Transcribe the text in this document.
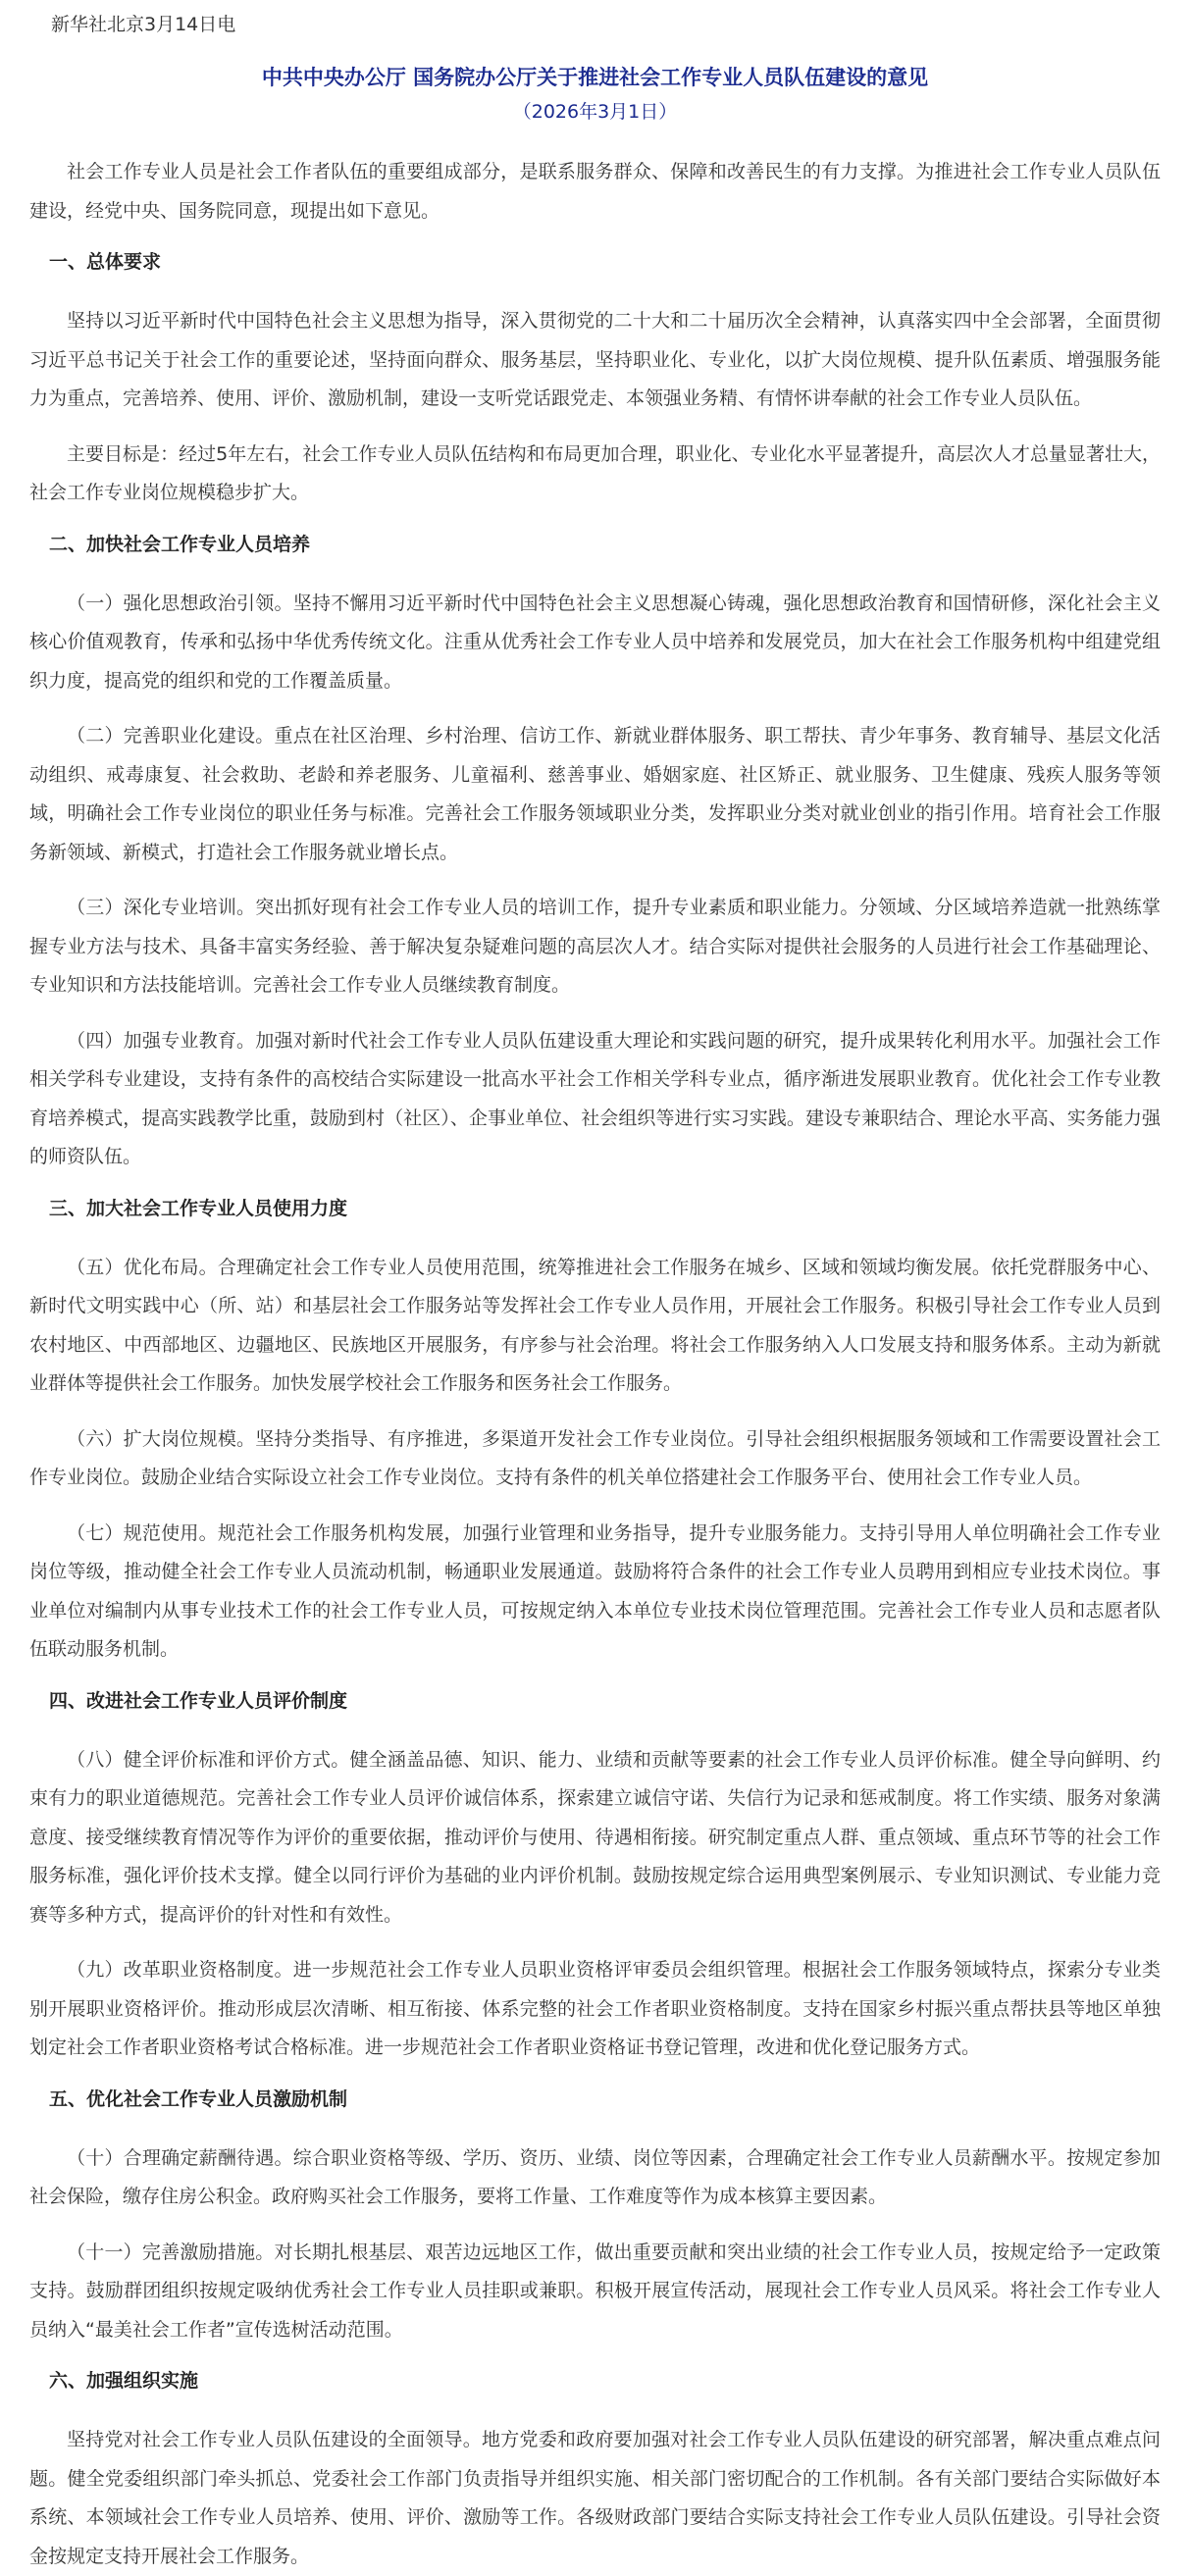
新华社北京3月14日电
中共中央办公厅 国务院办公厅关于推进社会工作专业人员队伍建设的意见
（2026年3月1日）

社会工作专业人员是社会工作者队伍的重要组成部分，是联系服务群众、保障和改善民生的有力支撑。为推进社会工作专业人员队伍建设，经党中央、国务院同意，现提出如下意见。

一、总体要求

坚持以习近平新时代中国特色社会主义思想为指导，深入贯彻党的二十大和二十届历次全会精神，认真落实四中全会部署，全面贯彻习近平总书记关于社会工作的重要论述，坚持面向群众、服务基层，坚持职业化、专业化，以扩大岗位规模、提升队伍素质、增强服务能力为重点，完善培养、使用、评价、激励机制，建设一支听党话跟党走、本领强业务精、有情怀讲奉献的社会工作专业人员队伍。

主要目标是：经过5年左右，社会工作专业人员队伍结构和布局更加合理，职业化、专业化水平显著提升，高层次人才总量显著壮大，社会工作专业岗位规模稳步扩大。

二、加快社会工作专业人员培养

（一）强化思想政治引领。坚持不懈用习近平新时代中国特色社会主义思想凝心铸魂，强化思想政治教育和国情研修，深化社会主义核心价值观教育，传承和弘扬中华优秀传统文化。注重从优秀社会工作专业人员中培养和发展党员，加大在社会工作服务机构中组建党组织力度，提高党的组织和党的工作覆盖质量。

（二）完善职业化建设。重点在社区治理、乡村治理、信访工作、新就业群体服务、职工帮扶、青少年事务、教育辅导、基层文化活动组织、戒毒康复、社会救助、老龄和养老服务、儿童福利、慈善事业、婚姻家庭、社区矫正、就业服务、卫生健康、残疾人服务等领域，明确社会工作专业岗位的职业任务与标准。完善社会工作服务领域职业分类，发挥职业分类对就业创业的指引作用。培育社会工作服务新领域、新模式，打造社会工作服务就业增长点。

（三）深化专业培训。突出抓好现有社会工作专业人员的培训工作，提升专业素质和职业能力。分领域、分区域培养造就一批熟练掌握专业方法与技术、具备丰富实务经验、善于解决复杂疑难问题的高层次人才。结合实际对提供社会服务的人员进行社会工作基础理论、专业知识和方法技能培训。完善社会工作专业人员继续教育制度。

（四）加强专业教育。加强对新时代社会工作专业人员队伍建设重大理论和实践问题的研究，提升成果转化利用水平。加强社会工作相关学科专业建设，支持有条件的高校结合实际建设一批高水平社会工作相关学科专业点，循序渐进发展职业教育。优化社会工作专业教育培养模式，提高实践教学比重，鼓励到村（社区）、企事业单位、社会组织等进行实习实践。建设专兼职结合、理论水平高、实务能力强的师资队伍。

三、加大社会工作专业人员使用力度

（五）优化布局。合理确定社会工作专业人员使用范围，统筹推进社会工作服务在城乡、区域和领域均衡发展。依托党群服务中心、新时代文明实践中心（所、站）和基层社会工作服务站等发挥社会工作专业人员作用，开展社会工作服务。积极引导社会工作专业人员到农村地区、中西部地区、边疆地区、民族地区开展服务，有序参与社会治理。将社会工作服务纳入人口发展支持和服务体系。主动为新就业群体等提供社会工作服务。加快发展学校社会工作服务和医务社会工作服务。

（六）扩大岗位规模。坚持分类指导、有序推进，多渠道开发社会工作专业岗位。引导社会组织根据服务领域和工作需要设置社会工作专业岗位。鼓励企业结合实际设立社会工作专业岗位。支持有条件的机关单位搭建社会工作服务平台、使用社会工作专业人员。

（七）规范使用。规范社会工作服务机构发展，加强行业管理和业务指导，提升专业服务能力。支持引导用人单位明确社会工作专业岗位等级，推动健全社会工作专业人员流动机制，畅通职业发展通道。鼓励将符合条件的社会工作专业人员聘用到相应专业技术岗位。事业单位对编制内从事专业技术工作的社会工作专业人员，可按规定纳入本单位专业技术岗位管理范围。完善社会工作专业人员和志愿者队伍联动服务机制。

四、改进社会工作专业人员评价制度

（八）健全评价标准和评价方式。健全涵盖品德、知识、能力、业绩和贡献等要素的社会工作专业人员评价标准。健全导向鲜明、约束有力的职业道德规范。完善社会工作专业人员评价诚信体系，探索建立诚信守诺、失信行为记录和惩戒制度。将工作实绩、服务对象满意度、接受继续教育情况等作为评价的重要依据，推动评价与使用、待遇相衔接。研究制定重点人群、重点领域、重点环节等的社会工作服务标准，强化评价技术支撑。健全以同行评价为基础的业内评价机制。鼓励按规定综合运用典型案例展示、专业知识测试、专业能力竞赛等多种方式，提高评价的针对性和有效性。

（九）改革职业资格制度。进一步规范社会工作专业人员职业资格评审委员会组织管理。根据社会工作服务领域特点，探索分专业类别开展职业资格评价。推动形成层次清晰、相互衔接、体系完整的社会工作者职业资格制度。支持在国家乡村振兴重点帮扶县等地区单独划定社会工作者职业资格考试合格标准。进一步规范社会工作者职业资格证书登记管理，改进和优化登记服务方式。

五、优化社会工作专业人员激励机制

（十）合理确定薪酬待遇。综合职业资格等级、学历、资历、业绩、岗位等因素，合理确定社会工作专业人员薪酬水平。按规定参加社会保险，缴存住房公积金。政府购买社会工作服务，要将工作量、工作难度等作为成本核算主要因素。

（十一）完善激励措施。对长期扎根基层、艰苦边远地区工作，做出重要贡献和突出业绩的社会工作专业人员，按规定给予一定政策支持。鼓励群团组织按规定吸纳优秀社会工作专业人员挂职或兼职。积极开展宣传活动，展现社会工作专业人员风采。将社会工作专业人员纳入“最美社会工作者”宣传选树活动范围。

六、加强组织实施

坚持党对社会工作专业人员队伍建设的全面领导。地方党委和政府要加强对社会工作专业人员队伍建设的研究部署，解决重点难点问题。健全党委组织部门牵头抓总、党委社会工作部门负责指导并组织实施、相关部门密切配合的工作机制。各有关部门要结合实际做好本系统、本领域社会工作专业人员培养、使用、评价、激励等工作。各级财政部门要结合实际支持社会工作专业人员队伍建设。引导社会资金按规定支持开展社会工作服务。
